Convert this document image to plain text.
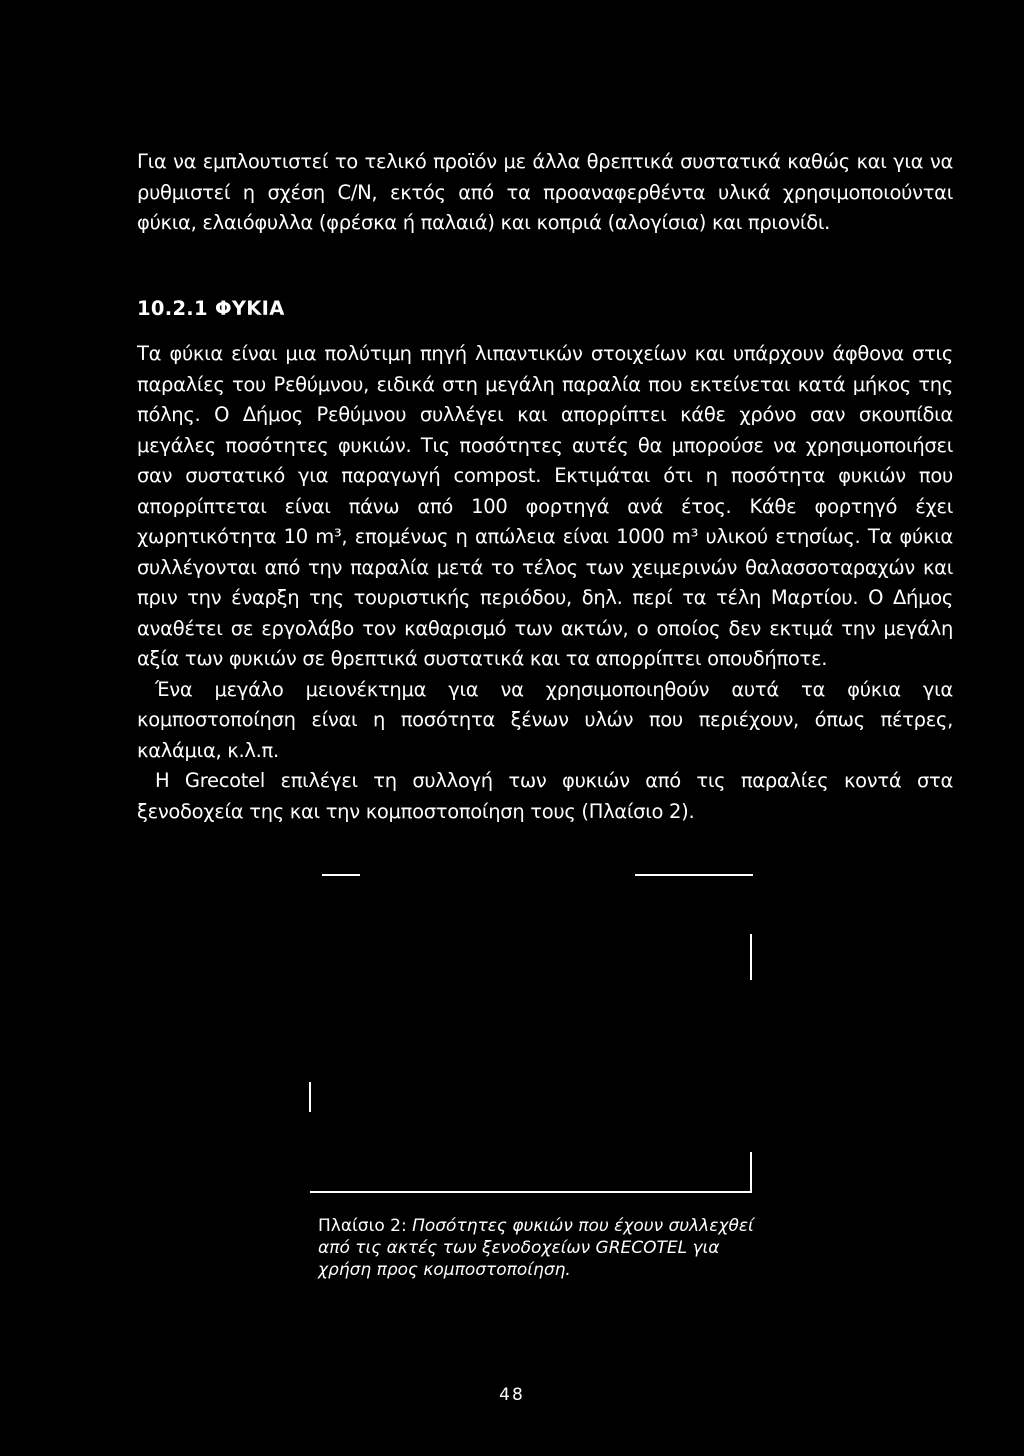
Για να εμπλουτιστεί το τελικό προϊόν με άλλα θρεπτικά συστατικά καθώς και για να ρυθμιστεί η σχέση C/N, εκτός από τα προαναφερθέντα υλικά χρησιμοποιούνται φύκια, ελαιόφυλλα (φρέσκα ή παλαιά) και κοπριά (αλογίσια) και πριονίδι.
10.2.1 ΦΥΚΙΑ

Τα φύκια είναι μια πολύτιμη πηγή λιπαντικών στοιχείων και υπάρχουν άφθονα στις παραλίες του Ρεθύμνου, ειδικά στη μεγάλη παραλία που εκτείνεται κατά μήκος της πόλης. Ο Δήμος Ρεθύμνου συλλέγει και απορρίπτει κάθε χρόνο σαν σκουπίδια μεγάλες ποσότητες φυκιών. Τις ποσότητες αυτές θα μπορούσε να χρησιμοποιήσει σαν συστατικό για παραγωγή compost. Εκτιμάται ότι η ποσότητα φυκιών που απορρίπτεται είναι πάνω από 100 φορτηγά ανά έτος. Κάθε φορτηγό έχει χωρητικότητα 10 m³, επομένως η απώλεια είναι 1000 m³ υλικού ετησίως. Τα φύκια συλλέγονται από την παραλία μετά το τέλος των χειμερινών θαλασσοταραχών και πριν την έναρξη της τουριστικής περιόδου, δηλ. περί τα τέλη Μαρτίου. Ο Δήμος αναθέτει σε εργολάβο τον καθαρισμό των ακτών, ο οποίος δεν εκτιμά την μεγάλη αξία των φυκιών σε θρεπτικά συστατικά και τα απορρίπτει οπουδήποτε.

Ένα μεγάλο μειονέκτημα για να χρησιμοποιηθούν αυτά τα φύκια για κομποστοποίηση είναι η ποσότητα ξένων υλών που περιέχουν, όπως πέτρες, καλάμια, κ.λ.π.

Η Grecotel επιλέγει τη συλλογή των φυκιών από τις παραλίες κοντά στα ξενοδοχεία της και την κομποστοποίηση τους (Πλαίσιο 2).

Πλαίσιο 2: Ποσότητες φυκιών που έχουν συλλεχθεί από τις ακτές των ξενοδοχείων GRECOTEL για χρήση προς κομποστοποίηση.
48
